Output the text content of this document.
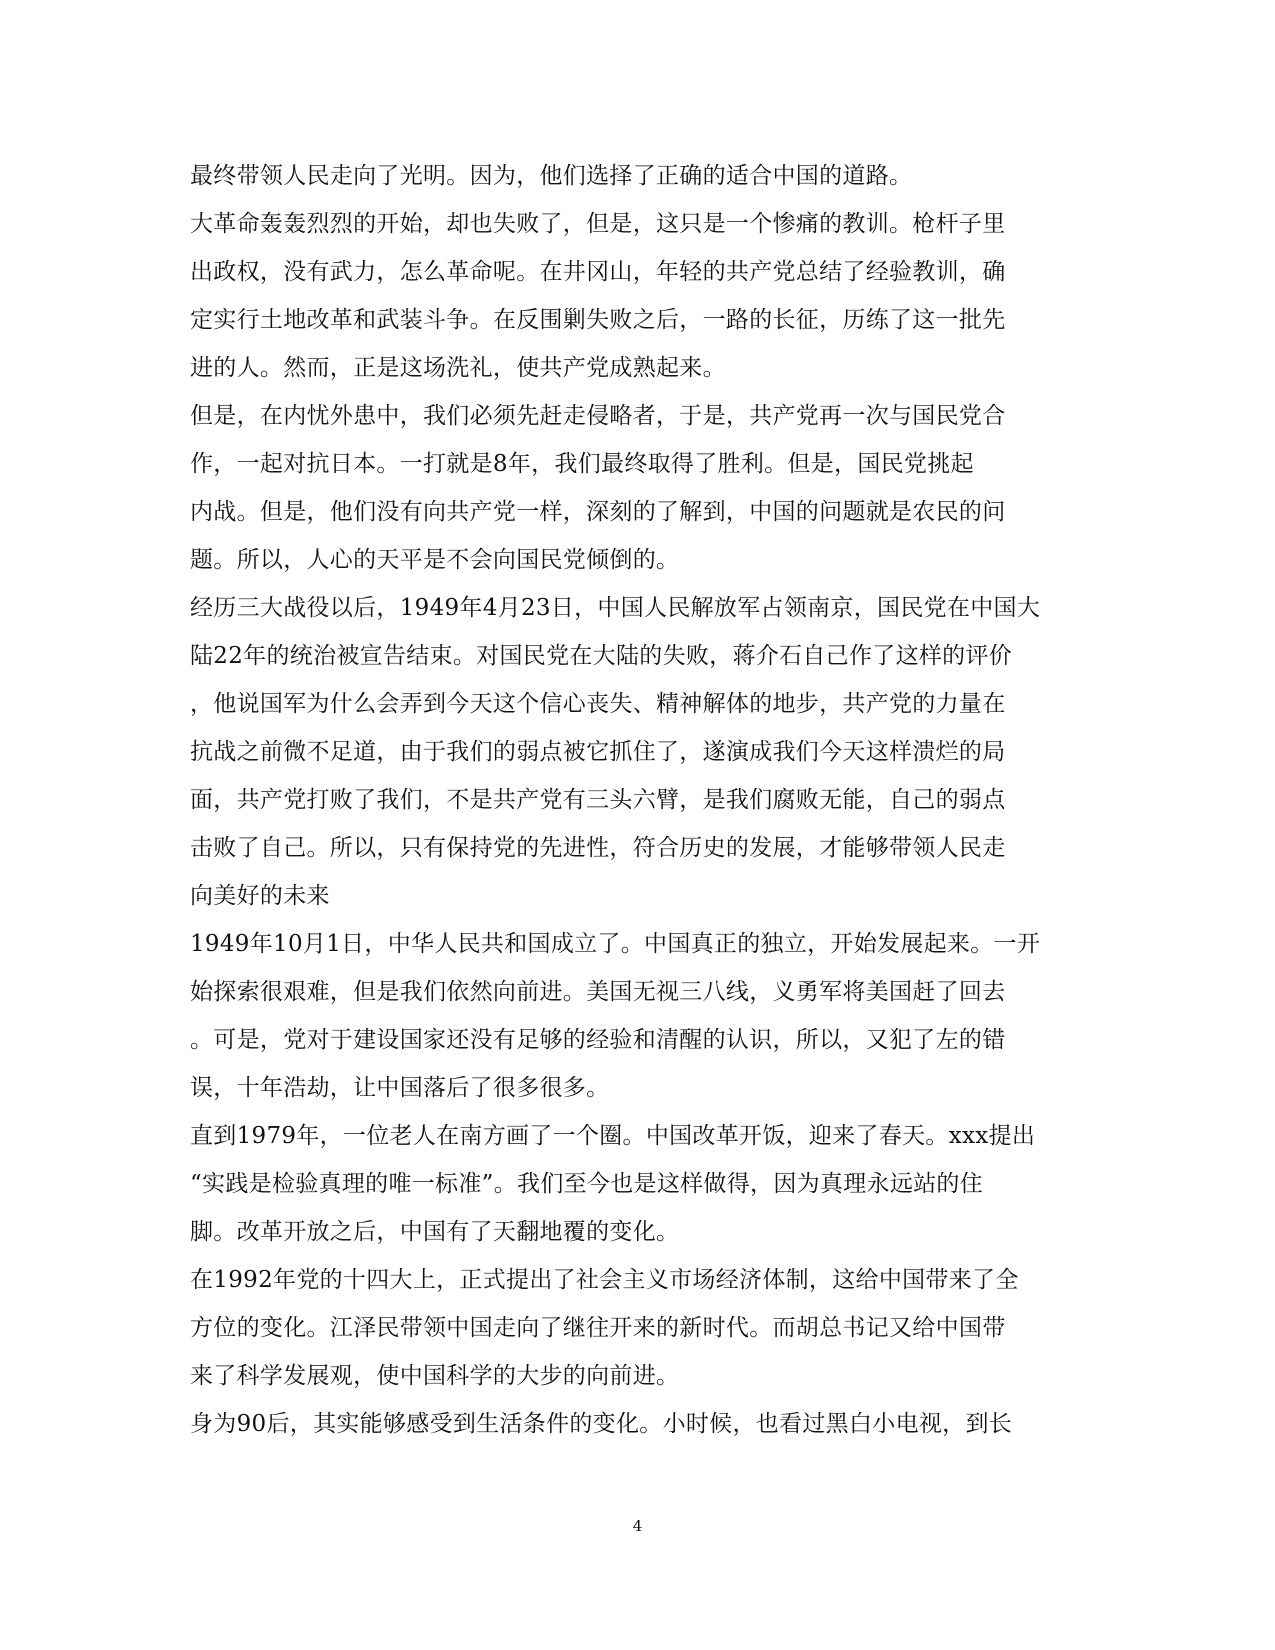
最终带领人民走向了光明。因为，他们选择了正确的适合中国的道路。
大革命轰轰烈烈的开始，却也失败了，但是，这只是一个惨痛的教训。枪杆子里
出政权，没有武力，怎么革命呢。在井冈山，年轻的共产党总结了经验教训，确
定实行土地改革和武装斗争。在反围剿失败之后，一路的长征，历练了这一批先
进的人。然而，正是这场洗礼，使共产党成熟起来。
但是，在内忧外患中，我们必须先赶走侵略者，于是，共产党再一次与国民党合
作，一起对抗日本。一打就是8年，我们最终取得了胜利。但是，国民党挑起
内战。但是，他们没有向共产党一样，深刻的了解到，中国的问题就是农民的问
题。所以，人心的天平是不会向国民党倾倒的。
经历三大战役以后，1949年4月23日，中国人民解放军占领南京，国民党在中国大
陆22年的统治被宣告结束。对国民党在大陆的失败，蒋介石自己作了这样的评价
，他说国军为什么会弄到今天这个信心丧失、精神解体的地步，共产党的力量在
抗战之前微不足道，由于我们的弱点被它抓住了，遂演成我们今天这样溃烂的局
面，共产党打败了我们，不是共产党有三头六臂，是我们腐败无能，自己的弱点
击败了自己。所以，只有保持党的先进性，符合历史的发展，才能够带领人民走
向美好的未来
1949年10月1日，中华人民共和国成立了。中国真正的独立，开始发展起来。一开
始探索很艰难，但是我们依然向前进。美国无视三八线，义勇军将美国赶了回去
。可是，党对于建设国家还没有足够的经验和清醒的认识，所以，又犯了左的错
误，十年浩劫，让中国落后了很多很多。
直到1979年，一位老人在南方画了一个圈。中国改革开饭，迎来了春天。xxx提出
“实践是检验真理的唯一标准”。我们至今也是这样做得，因为真理永远站的住
脚。改革开放之后，中国有了天翻地覆的变化。
在1992年党的十四大上，正式提出了社会主义市场经济体制，这给中国带来了全
方位的变化。江泽民带领中国走向了继往开来的新时代。而胡总书记又给中国带
来了科学发展观，使中国科学的大步的向前进。
身为90后，其实能够感受到生活条件的变化。小时候，也看过黑白小电视，到长
4
